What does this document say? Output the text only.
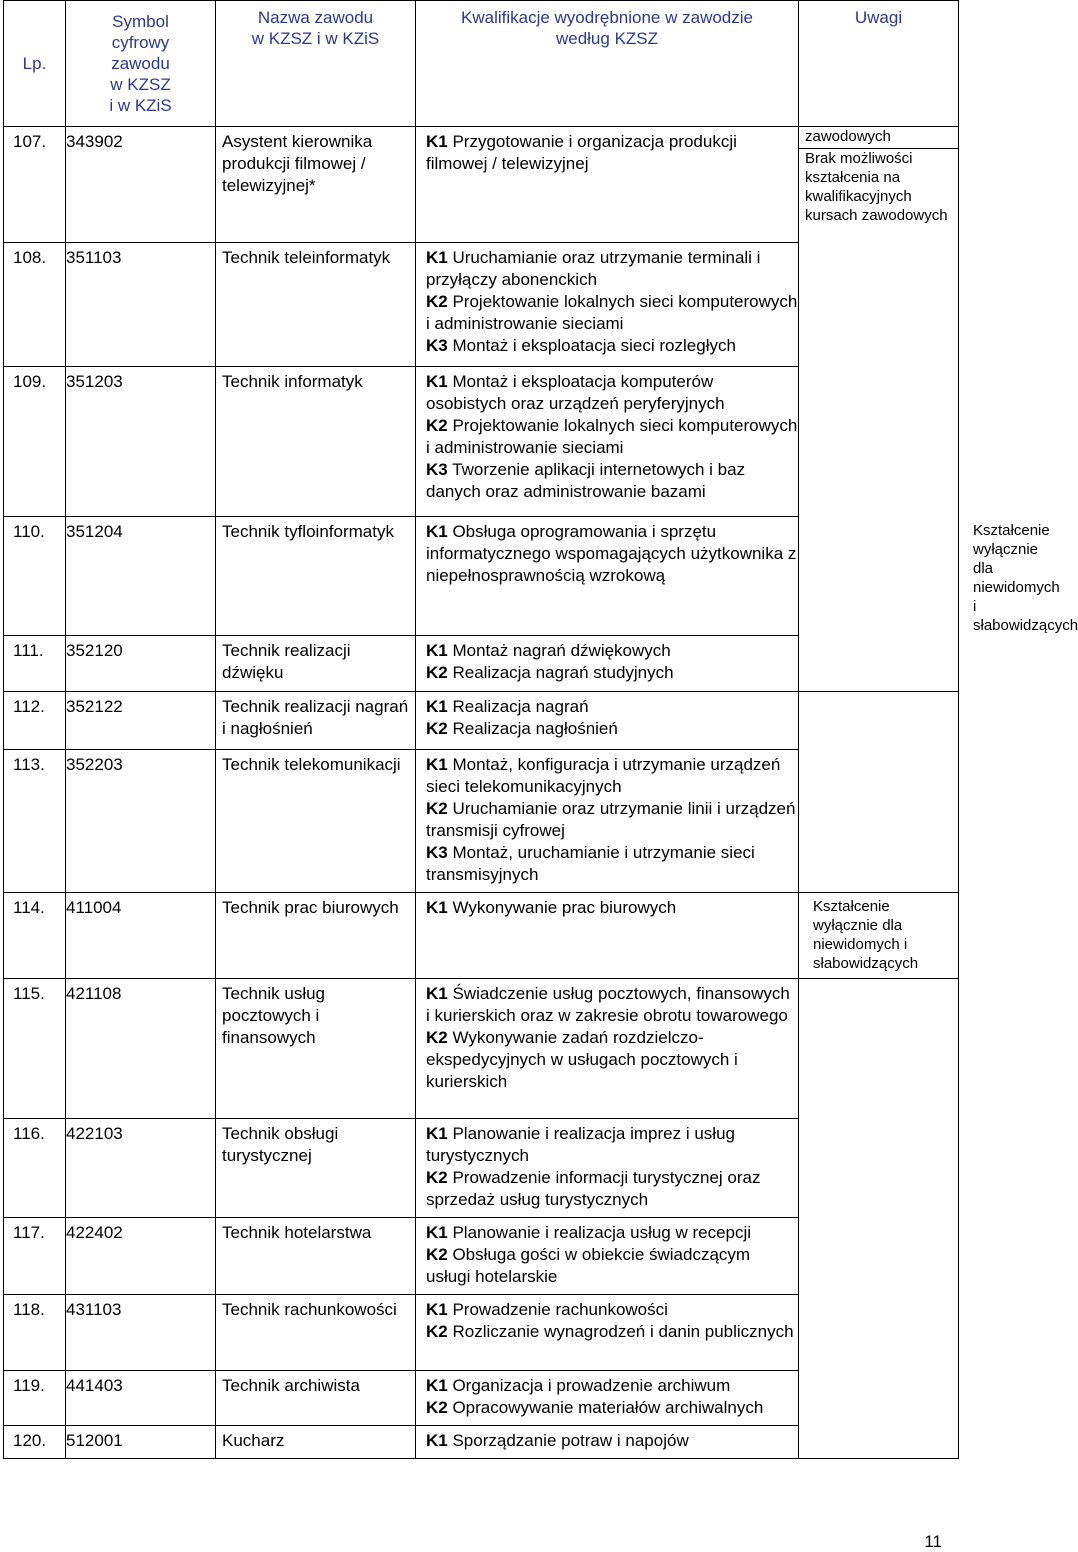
Lp.	Symbol
cyfrowy
zawodu
w KZSZ
i w KZiS	Nazwa zawodu
w KZSZ i w KZiS	Kwalifikacje wyodrębnione w zawodzie
według KZSZ	Uwagi	
107.	343902	Asystent kierownika produkcji filmowej / telewizyjnej*	K1 Przygotowanie i organizacja produkcji filmowej / telewizyjnej	zawodowych
Brak możliwości kształcenia na kwalifikacyjnych kursach zawodowych	

108.	351103	Technik teleinformatyk	K1 Uruchamianie oraz utrzymanie terminali i przyłączy abonenckich
K2 Projektowanie lokalnych sieci komputerowych i administrowanie sieciami
K3 Montaż i eksploatacja sieci rozległych		

109.	351203	Technik informatyk	K1 Montaż i eksploatacja komputerów osobistych oraz urządzeń peryferyjnych
K2 Projektowanie lokalnych sieci komputerowych i administrowanie sieciami
K3 Tworzenie aplikacji internetowych i baz danych oraz administrowanie bazami		

110.	351204	Technik tyfloinformatyk	K1 Obsługa oprogramowania i sprzętu informatycznego wspomagających użytkownika z niepełnosprawnością wzrokową		Kształcenie wyłącznie dla niewidomych i słabowidzących

111.	352120	Technik realizacji dźwięku	K1 Montaż nagrań dźwiękowych
K2 Realizacja nagrań studyjnych		

112.	352122	Technik realizacji nagrań i nagłośnień	K1 Realizacja nagrań
K2 Realizacja nagłośnień		

113.	352203	Technik telekomunikacji	K1 Montaż, konfiguracja i utrzymanie urządzeń sieci telekomunikacyjnych
K2 Uruchamianie oraz utrzymanie linii i urządzeń transmisji cyfrowej
K3 Montaż, uruchamianie i utrzymanie sieci transmisyjnych		

114.	411004	Technik prac biurowych	K1 Wykonywanie prac biurowych	Kształcenie wyłącznie dla niewidomych i słabowidzących	

115.	421108	Technik usług pocztowych i finansowych	K1 Świadczenie usług pocztowych, finansowych i kurierskich oraz w zakresie obrotu towarowego
K2 Wykonywanie zadań rozdzielczo-ekspedycyjnych w usługach pocztowych i kurierskich		

116.	422103	Technik obsługi turystycznej	K1 Planowanie i realizacja imprez i usług turystycznych
K2 Prowadzenie informacji turystycznej oraz sprzedaż usług turystycznych		

117.	422402	Technik hotelarstwa	K1 Planowanie i realizacja usług w recepcji
K2 Obsługa gości w obiekcie świadczącym usługi hotelarskie		

118.	431103	Technik rachunkowości	K1 Prowadzenie rachunkowości
K2 Rozliczanie wynagrodzeń i danin publicznych		

119.	441403	Technik archiwista	K1 Organizacja i prowadzenie archiwum
K2 Opracowywanie materiałów archiwalnych		

120.	512001	Kucharz	K1 Sporządzanie potraw i napojów		
11
